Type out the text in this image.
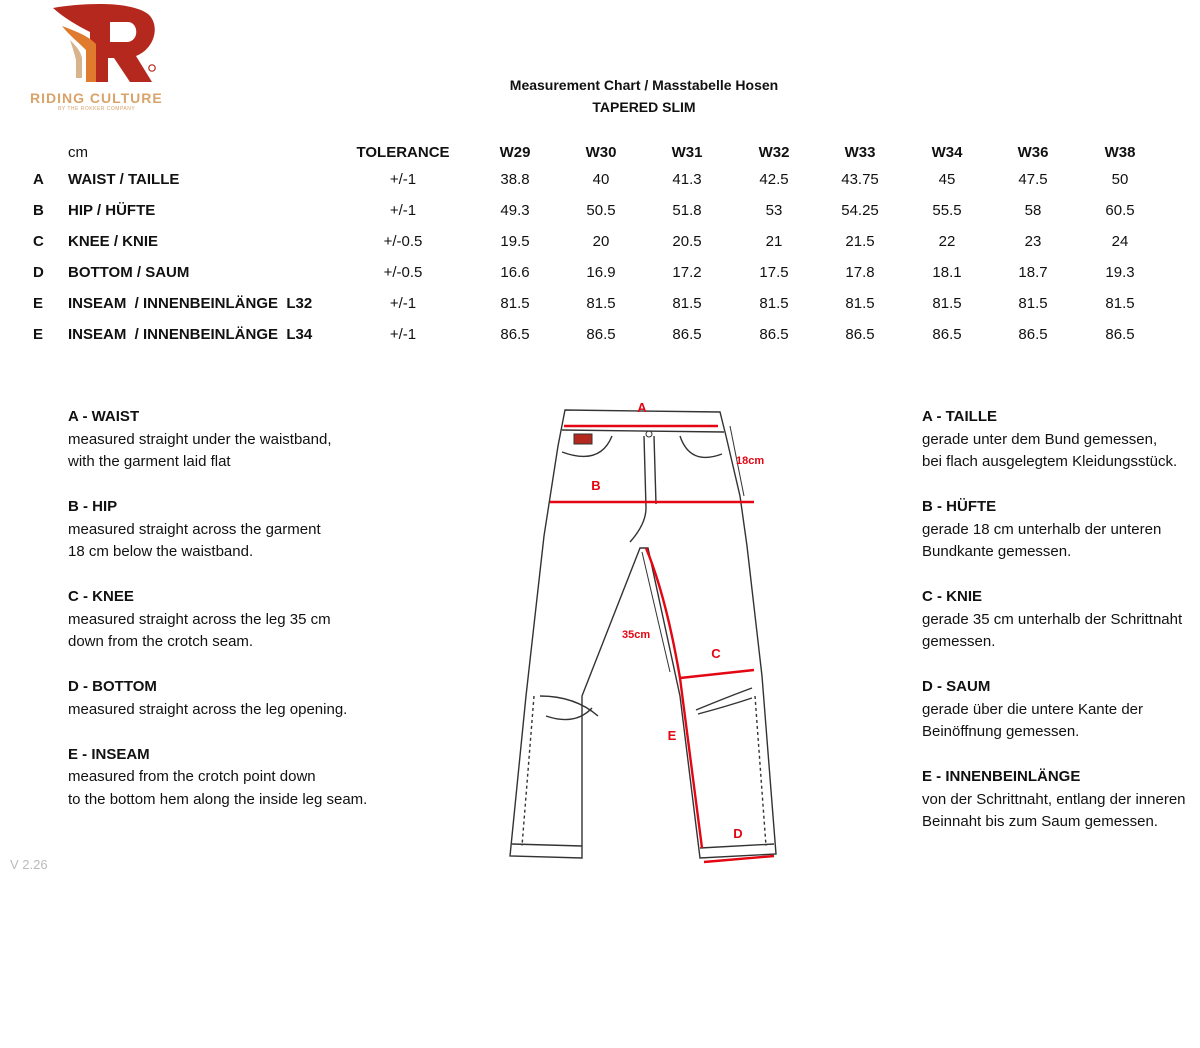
RIDING CULTURE
BY THE ROKKER COMPANY
Measurement Chart / Masstabelle Hosen
TAPERED SLIM
cm	TOLERANCE	W29	W30	W31	W32	W33	W34	W36	W38
A WAIST / TAILLE	+/-1	38.8	40	41.3	42.5	43.75	45	47.5	50
B HIP / HÜFTE	+/-1	49.3	50.5	51.8	53	54.25	55.5	58	60.5
C KNEE / KNIE	+/-0.5	19.5	20	20.5	21	21.5	22	23	24
D BOTTOM / SAUM	+/-0.5	16.6	16.9	17.2	17.5	17.8	18.1	18.7	19.3
E INSEAM  / INNENBEINLÄNGE  L32	+/-1	81.5	81.5	81.5	81.5	81.5	81.5	81.5	81.5
E INSEAM  / INNENBEINLÄNGE  L34	+/-1	86.5	86.5	86.5	86.5	86.5	86.5	86.5	86.5
A - WAIST
measured straight under the waistband,
with the garment laid flat
B - HIP
measured straight across the garment
18 cm below the waistband.
C - KNEE
measured straight across the leg 35 cm
down from the crotch seam.
D - BOTTOM
measured straight across the leg opening.
E - INSEAM
measured from the crotch point down
to the bottom hem along the inside leg seam.
A - TAILLE
gerade unter dem Bund gemessen,
bei flach ausgelegtem Kleidungsstück.
B - HÜFTE
gerade 18 cm unterhalb der unteren
Bundkante gemessen.
C - KNIE
gerade 35 cm unterhalb der Schrittnaht
gemessen.
D - SAUM
gerade über die untere Kante der
Beinöffnung gemessen.
E - INNENBEINLÄNGE
von der Schrittnaht, entlang der inneren
Beinnaht bis zum Saum gemessen.
A
B
C
D
E
18cm
35cm
V 2.26
